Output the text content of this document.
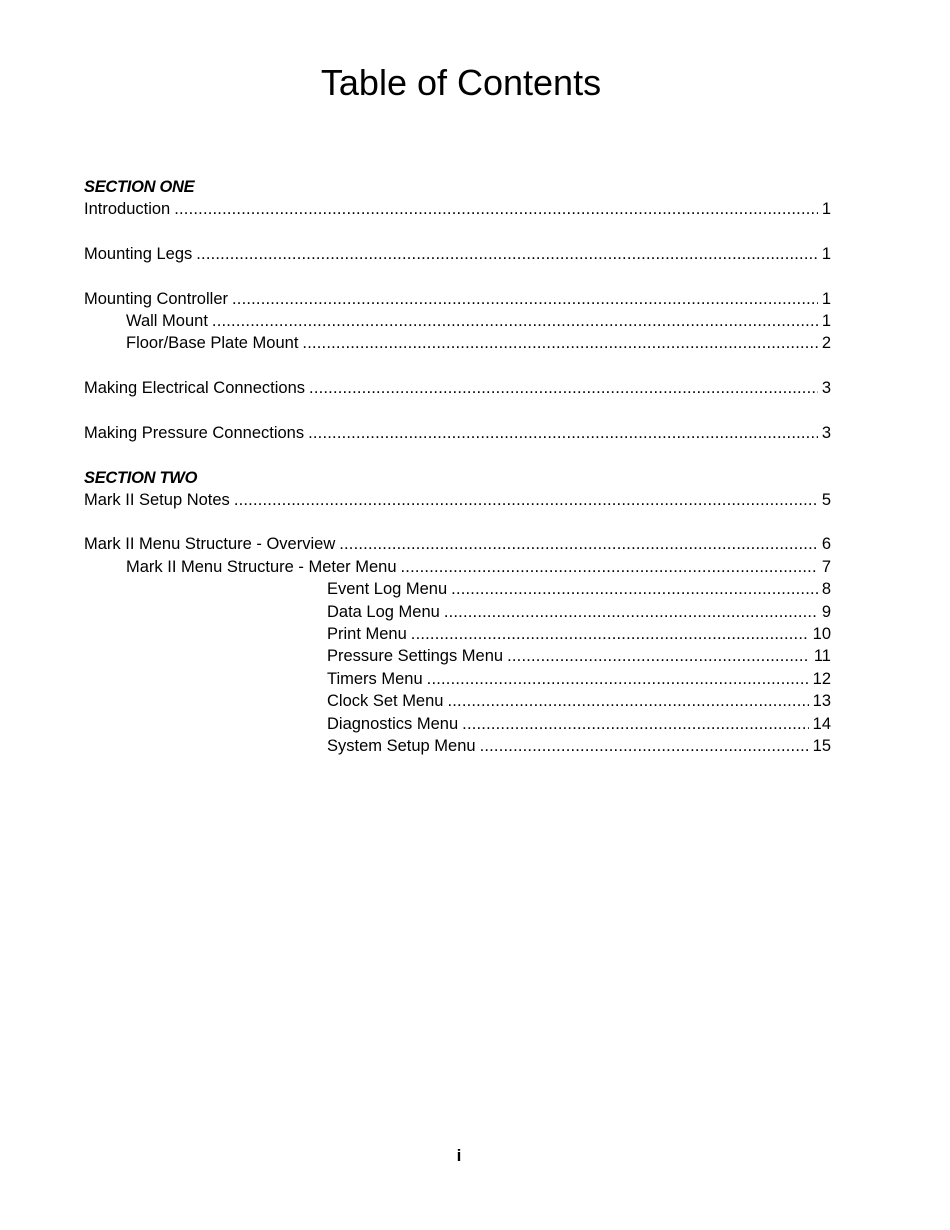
Table of Contents
SECTION ONE
Introduction .....	1
Mounting Legs .....	1
Mounting Controller .....	1
Wall Mount .....	1
Floor/Base Plate Mount .....	2
Making Electrical Connections .....	3
Making Pressure Connections .....	3
SECTION TWO
Mark II Setup Notes .....	5
Mark II Menu Structure - Overview .....	6
Mark II Menu Structure - Meter Menu .....	7
Event Log Menu .....	8
Data Log Menu .....	9
Print Menu .....	10
Pressure Settings Menu .....	11
Timers Menu .....	12
Clock Set Menu .....	13
Diagnostics Menu .....	14
System Setup Menu .....	15
i
